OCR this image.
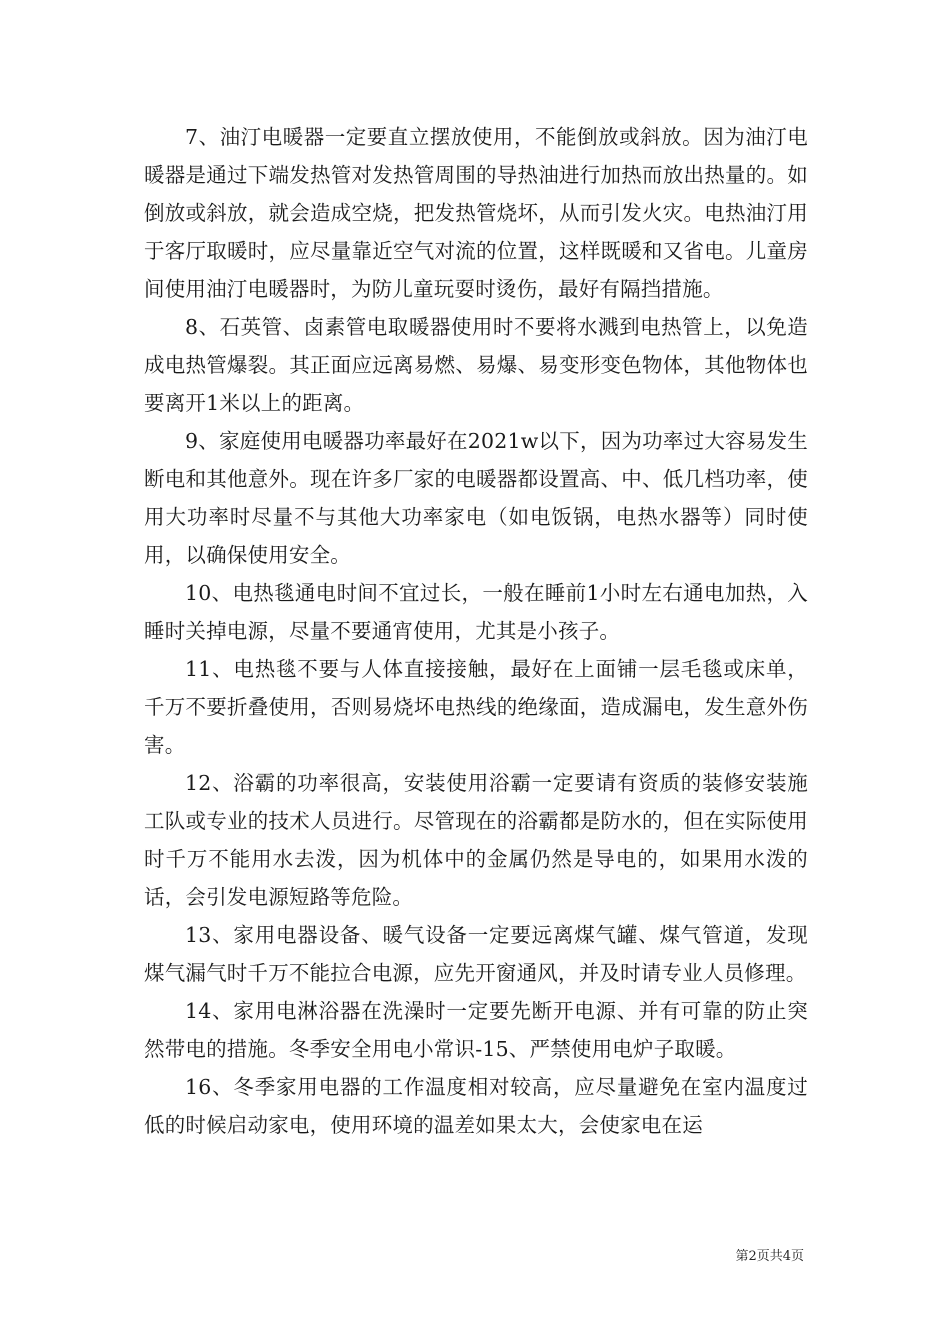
7、油汀电暖器一定要直立摆放使用，不能倒放或斜放。因为油汀电暖器是通过下端发热管对发热管周围的导热油进行加热而放出热量的。如倒放或斜放，就会造成空烧，把发热管烧坏，从而引发火灾。电热油汀用于客厅取暖时，应尽量靠近空气对流的位置，这样既暖和又省电。儿童房间使用油汀电暖器时，为防儿童玩耍时烫伤，最好有隔挡措施。

8、石英管、卤素管电取暖器使用时不要将水溅到电热管上，以免造成电热管爆裂。其正面应远离易燃、易爆、易变形变色物体，其他物体也要离开1米以上的距离。

9、家庭使用电暖器功率最好在2021w以下，因为功率过大容易发生断电和其他意外。现在许多厂家的电暖器都设置高、中、低几档功率，使用大功率时尽量不与其他大功率家电（如电饭锅，电热水器等）同时使用，以确保使用安全。

10、电热毯通电时间不宜过长，一般在睡前1小时左右通电加热，入睡时关掉电源，尽量不要通宵使用，尤其是小孩子。

11、电热毯不要与人体直接接触，最好在上面铺一层毛毯或床单，千万不要折叠使用，否则易烧坏电热线的绝缘面，造成漏电，发生意外伤害。

12、浴霸的功率很高，安装使用浴霸一定要请有资质的装修安装施工队或专业的技术人员进行。尽管现在的浴霸都是防水的，但在实际使用时千万不能用水去泼，因为机体中的金属仍然是导电的，如果用水泼的话，会引发电源短路等危险。

13、家用电器设备、暖气设备一定要远离煤气罐、煤气管道，发现煤气漏气时千万不能拉合电源，应先开窗通风，并及时请专业人员修理。

14、家用电淋浴器在洗澡时一定要先断开电源、并有可靠的防止突然带电的措施。冬季安全用电小常识-15、严禁使用电炉子取暖。

16、冬季家用电器的工作温度相对较高，应尽量避免在室内温度过低的时候启动家电，使用环境的温差如果太大，会使家电在运

第2页共4页
